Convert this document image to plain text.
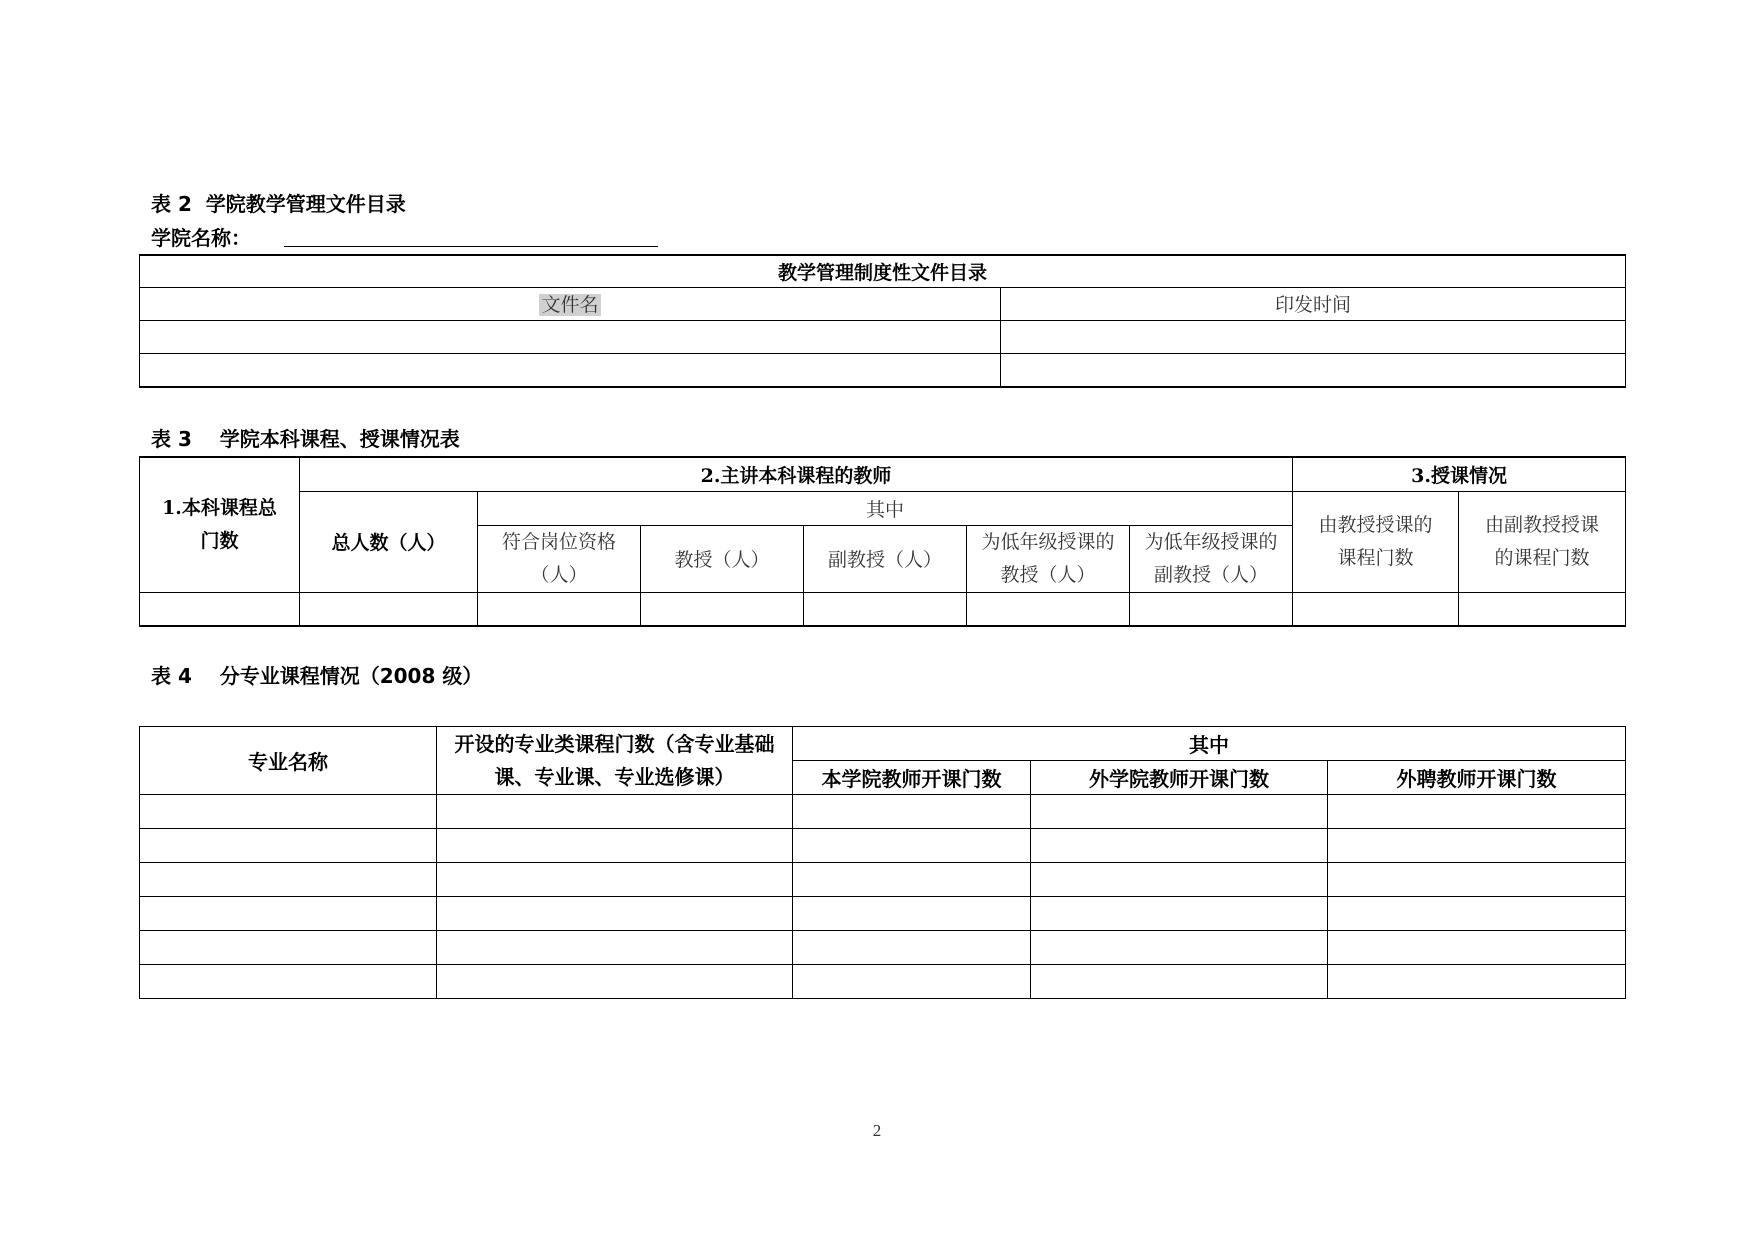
表 2  学院教学管理文件目录
学院名称：
教学管理制度性文件目录	
文件名	印发时间

表 3    学院本科课程、授课情况表
1.本科课程总门数	2.主讲本科课程的教师						3.授课情况	
	总人数（人）	其中					由教授授课的课程门数	由副教授授课的课程门数
		符合岗位资格（人）	教授（人）	副教授（人）	为低年级授课的教授（人）	为低年级授课的副教授（人）		

表 4    分专业课程情况（2008 级）
专业名称	开设的专业类课程门数（含专业基础课、专业课、专业选修课）	其中		
		本学院教师开课门数	外学院教师开课门数	外聘教师开课门数

2
